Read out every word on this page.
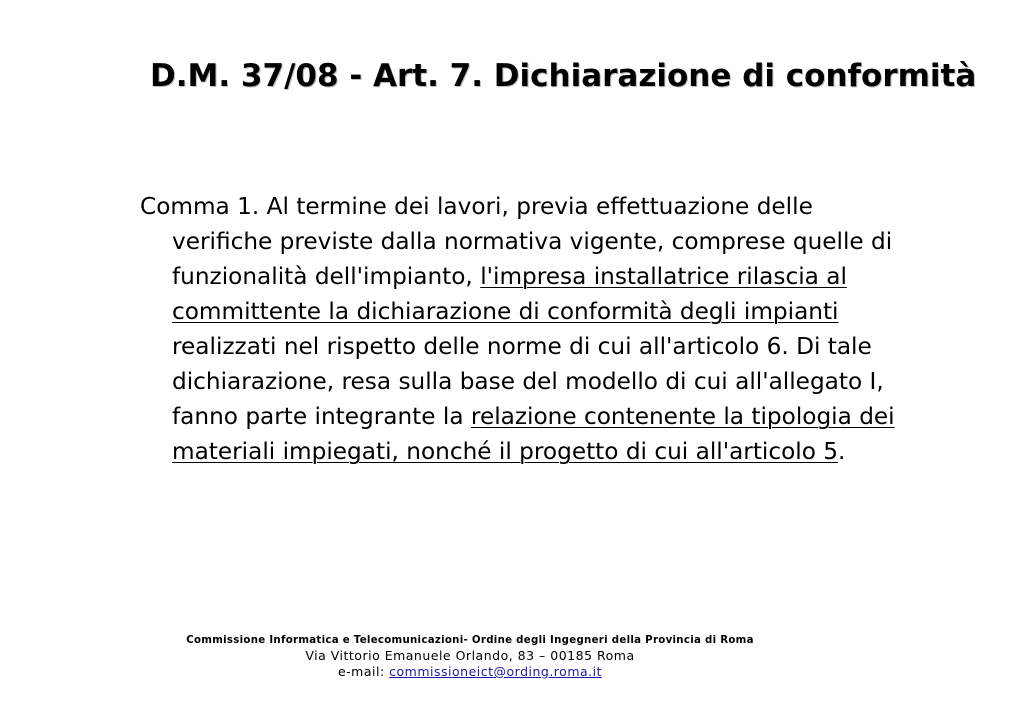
D.M. 37/08 - Art. 7. Dichiarazione di conformità

Comma 1. Al termine dei lavori, previa effettuazione delle verifiche previste dalla normativa vigente, comprese quelle di funzionalità dell'impianto, l'impresa installatrice rilascia al committente la dichiarazione di conformità degli impianti realizzati nel rispetto delle norme di cui all'articolo 6. Di tale dichiarazione, resa sulla base del modello di cui all'allegato I, fanno parte integrante la relazione contenente la tipologia dei materiali impiegati, nonché il progetto di cui all'articolo 5.

Commissione Informatica e Telecomunicazioni- Ordine degli Ingegneri della Provincia di Roma
Via Vittorio Emanuele Orlando, 83 – 00185 Roma
e-mail: commissioneict@ording.roma.it
